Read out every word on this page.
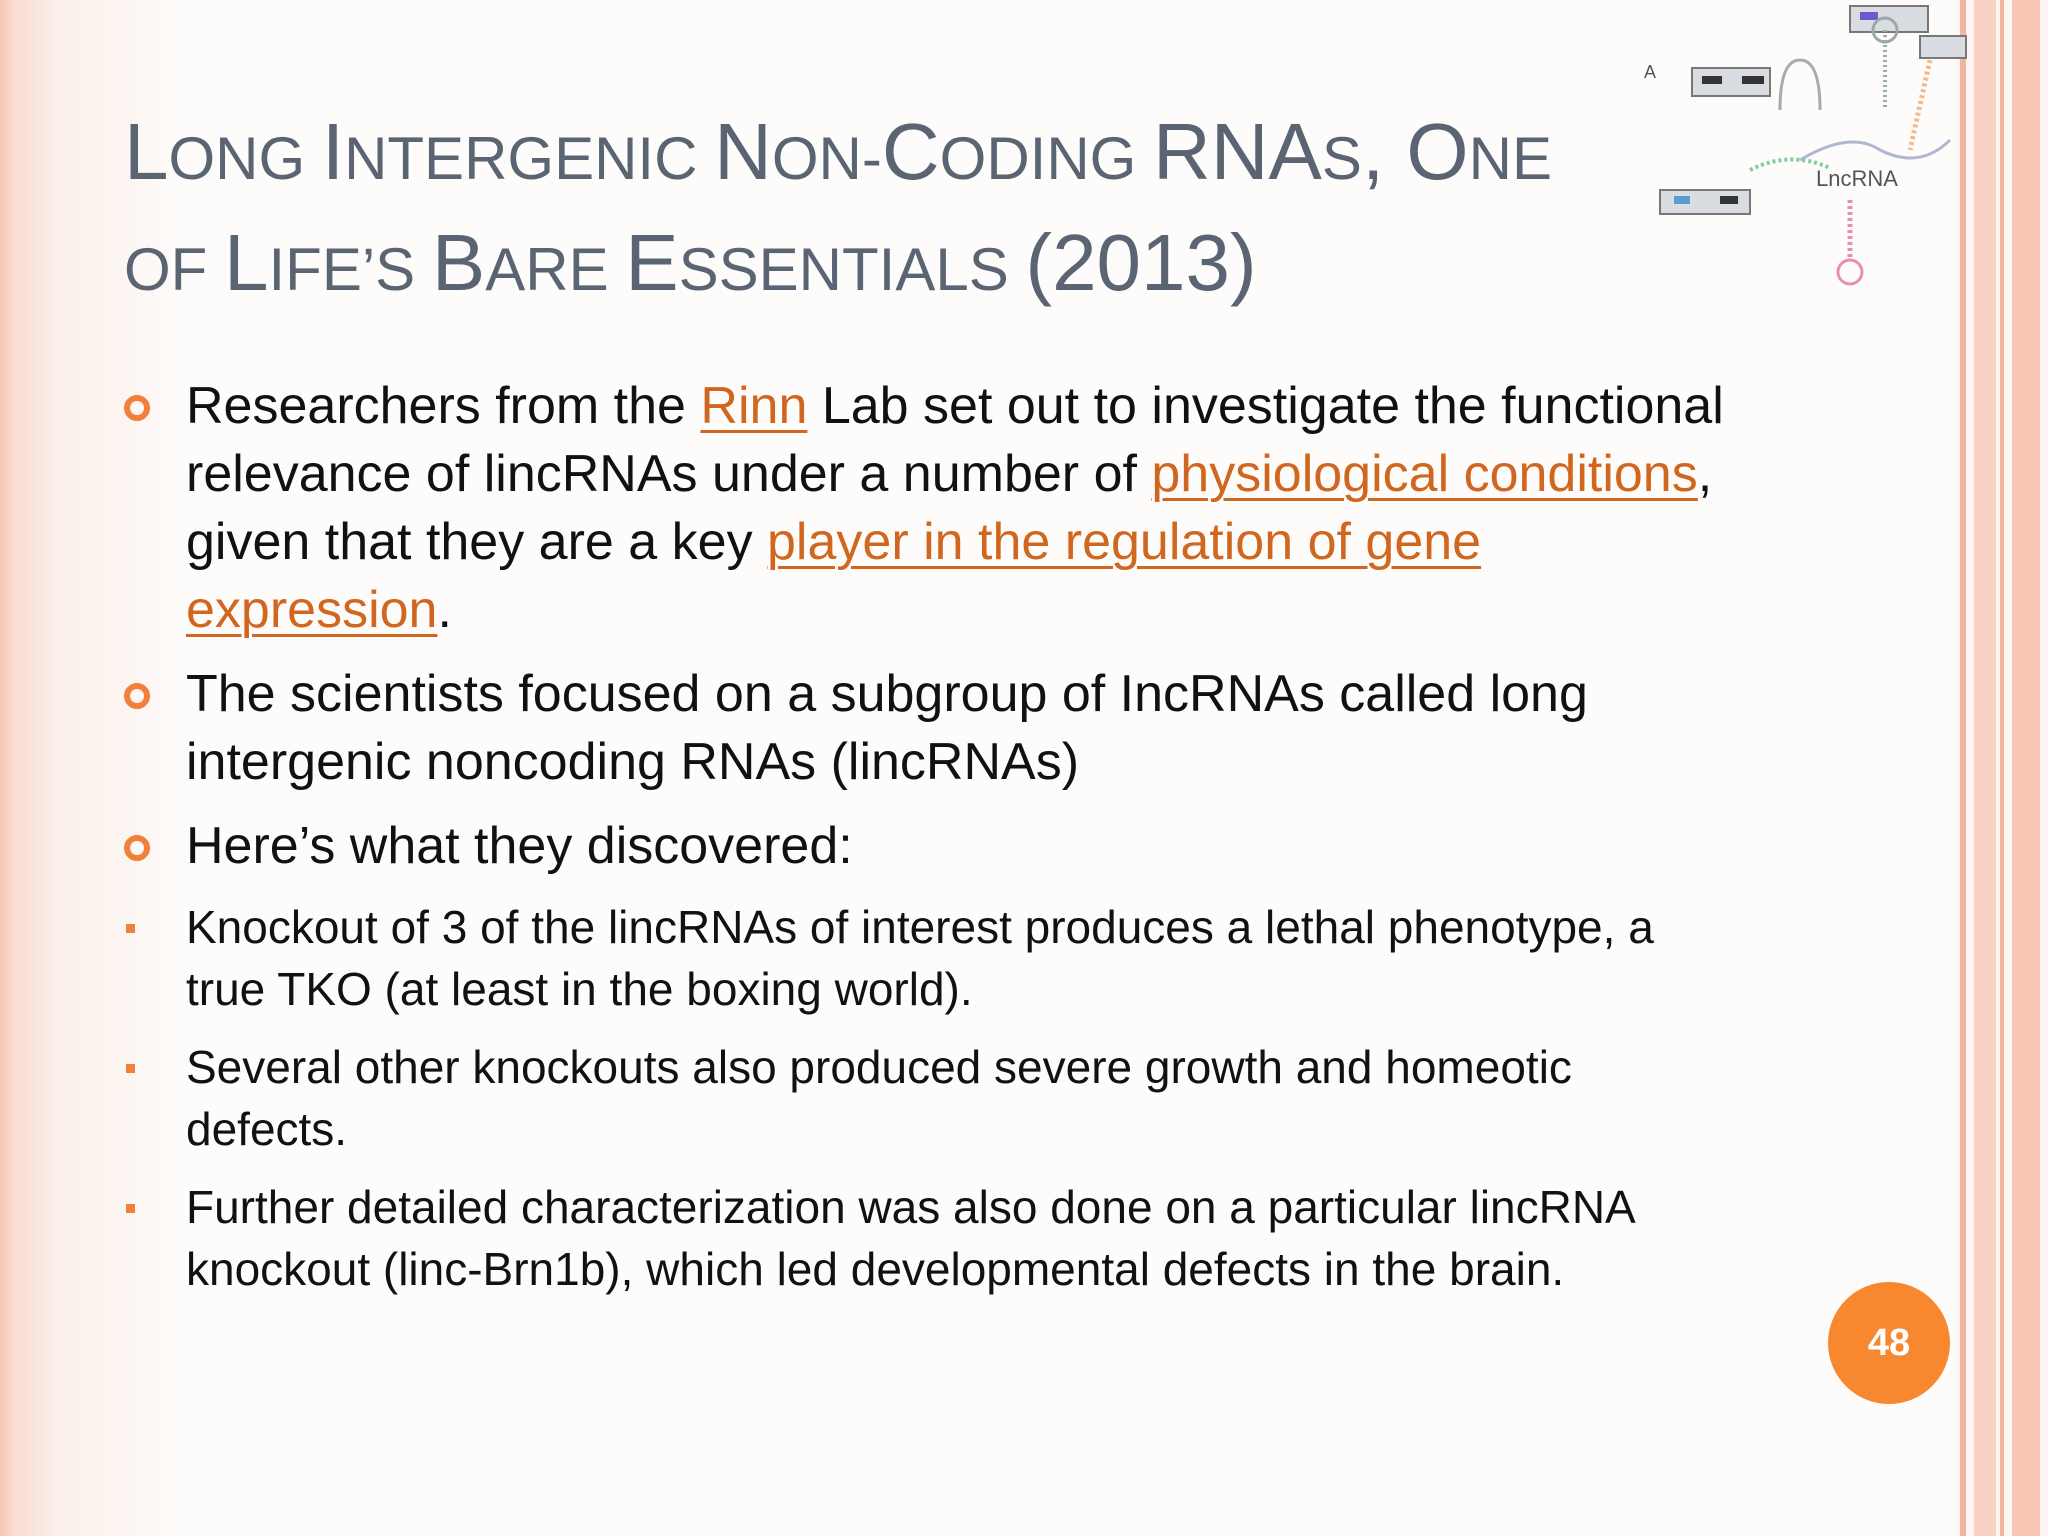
A
LncRNA
LONG INTERGENIC NON-CODING RNAS, ONE
OF LIFE’S BARE ESSENTIALS (2013)
Researchers from the Rinn Lab set out to investigate the functional relevance of lincRNAs under a number of physiological conditions, given that they are a key player in the regulation of gene expression.
The scientists focused on a subgroup of IncRNAs called long intergenic noncoding RNAs (lincRNAs)
Here’s what they discovered:
Knockout of 3 of the lincRNAs of interest produces a lethal phenotype, a true TKO (at least in the boxing world).
Several other knockouts also produced severe growth and homeotic defects.
Further detailed characterization was also done on a particular lincRNA knockout (linc-Brn1b), which led developmental defects in the brain.
48
